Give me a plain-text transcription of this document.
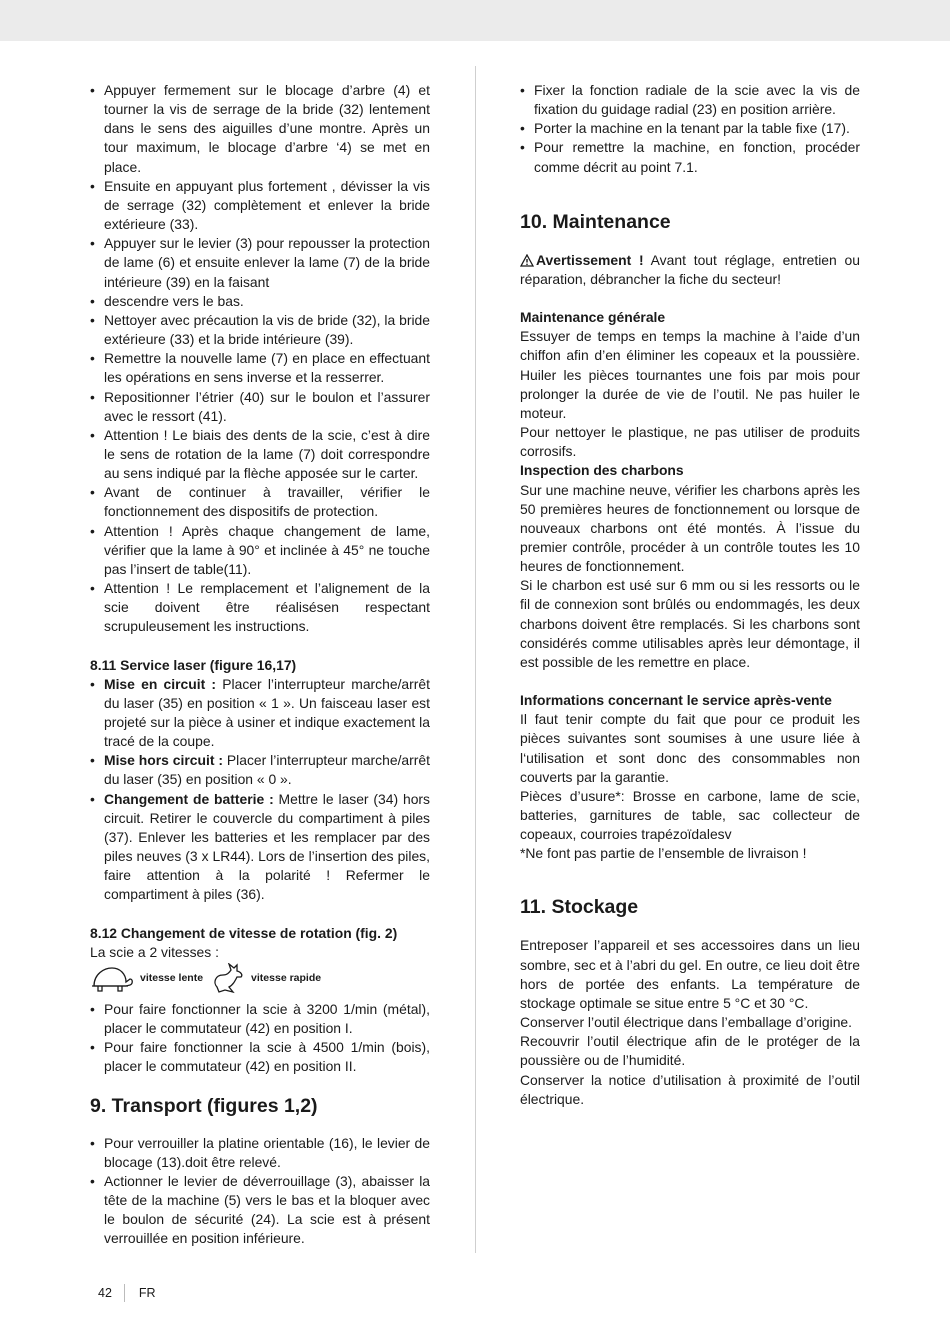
• Appuyer fermement sur le blocage d’arbre (4) et tourner la vis de serrage de la bride (32) lentement dans le sens des aiguilles d’une montre. Après un tour maximum, le blocage d’arbre ‘4) se met en place.
• Ensuite en appuyant plus fortement , dévisser la vis de serrage (32) complètement et enlever la bride extérieure (33).
• Appuyer sur le levier (3) pour repousser la protection de lame (6) et ensuite enlever la lame (7) de la bride intérieure (39) en la faisant
• descendre vers le bas.
• Nettoyer avec précaution la vis de bride (32), la bride extérieure (33) et la bride intérieure (39).
• Remettre la nouvelle lame (7) en place en effectuant les opérations en sens inverse et la resserrer.
• Repositionner l’étrier (40) sur le boulon et l’assurer avec le ressort (41).
• Attention ! Le biais des dents de la scie, c’est à dire le sens de rotation de la lame (7) doit correspondre au sens indiqué par la flèche apposée sur le carter.
• Avant de continuer à travailler, vérifier le fonctionnement des dispositifs de protection.
• Attention ! Après chaque changement de lame, vérifier que la lame à 90° et inclinée à 45° ne touche pas l’insert de table(11).
• Attention ! Le remplacement et l’alignement de la scie doivent être réalisésen respectant scrupuleusement les instructions.

8.11 Service laser (figure 16,17)

• Mise en circuit : Placer l’interrupteur marche/arrêt du laser (35) en position « 1 ». Un faisceau laser est projeté sur la pièce à usiner et indique exactement la tracé de la coupe.
• Mise hors circuit : Placer l’interrupteur marche/arrêt du laser (35) en position « 0 ».
• Changement de batterie : Mettre le laser (34) hors circuit. Retirer le couvercle du compartiment à piles (37). Enlever les batteries et les remplacer par des piles neuves (3 x LR44). Lors de l’insertion des piles, faire attention à la polarité ! Refermer le compartiment à piles (36).

8.12 Changement de vitesse de rotation (fig. 2)

La scie a 2 vitesses :

vitesse lente	vitesse rapide
• Pour faire fonctionner la scie à 3200 1/min (métal), placer le commutateur (42) en position I.
• Pour faire fonctionner la scie à 4500 1/min (bois), placer le commutateur (42) en position II.
9. Transport (figures 1,2)
• Pour verrouiller la platine orientable (16), le levier de blocage (13).doit être relevé.
• Actionner le levier de déverrouillage (3), abaisser la tête de la machine (5) vers le bas et la bloquer avec le boulon de sécurité (24). La scie est à présent verrouillée en position inférieure.
• Fixer la fonction radiale de la scie avec la vis de fixation du guidage radial (23) en position arrière.
• Porter la machine en la tenant par la table fixe (17).
• Pour remettre la machine, en fonction, procéder comme décrit au point 7.1.
10. Maintenance

Avertissement ! Avant tout réglage, entretien ou réparation, débrancher la fiche du secteur!

Maintenance générale

Essuyer de temps en temps la machine à l’aide d’un chiffon afin d’en éliminer les copeaux et la poussière. Huiler les pièces tournantes une fois par mois pour prolonger la durée de vie de l’outil. Ne pas huiler le moteur.

Pour nettoyer le plastique, ne pas utiliser de produits corrosifs.

Inspection des charbons

Sur une machine neuve, vérifier les charbons après les 50 premières heures de fonctionnement ou lorsque de nouveaux charbons ont été montés. À l’issue du premier contrôle, procéder à un contrôle toutes les 10 heures de fonctionnement.

Si le charbon est usé sur 6 mm ou si les ressorts ou le fil de connexion sont brûlés ou endommagés, les deux charbons doivent être remplacés. Si les charbons sont considérés comme utilisables après leur démontage, il est possible de les remettre en place.

Informations concernant le service après-vente

Il faut tenir compte du fait que pour ce produit les pièces suivantes sont soumises à une usure liée à l‘utilisation et sont donc des consommables non couverts par la garantie.

Pièces d’usure*: Brosse en carbone, lame de scie, batteries, garnitures de table, sac collecteur de copeaux, courroies trapézoïdalesv

*Ne font pas partie de l’ensemble de livraison !

11. Stockage

Entreposer l’appareil et ses accessoires dans un lieu sombre, sec et à l’abri du gel. En outre, ce lieu doit être hors de portée des enfants. La température de stockage optimale se situe entre 5 °C et 30 °C.

Conserver l’outil électrique dans l’emballage d’origine.

Recouvrir l’outil électrique afin de le protéger de la poussière ou de l’humidité.

Conserver la notice d’utilisation à proximité de l’outil électrique.

42 FR
